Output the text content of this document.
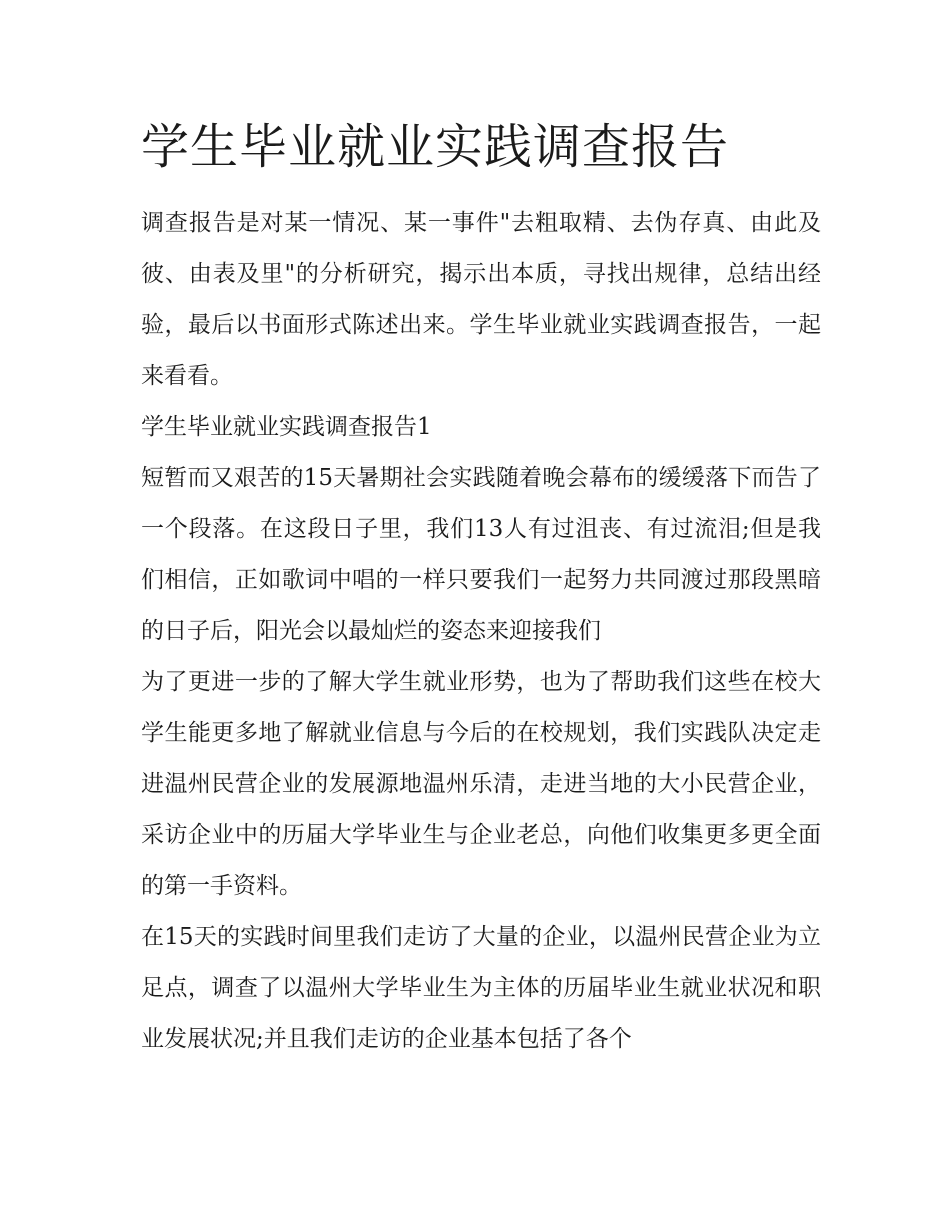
学生毕业就业实践调查报告

调查报告是对某一情况、某一事件"去粗取精、去伪存真、由此及彼、由表及里"的分析研究，揭示出本质，寻找出规律，总结出经验，最后以书面形式陈述出来。学生毕业就业实践调查报告，一起来看看。

学生毕业就业实践调查报告1

短暂而又艰苦的15天暑期社会实践随着晚会幕布的缓缓落下而告了一个段落。在这段日子里，我们13人有过沮丧、有过流泪;但是我们相信，正如歌词中唱的一样只要我们一起努力共同渡过那段黑暗的日子后，阳光会以最灿烂的姿态来迎接我们

为了更进一步的了解大学生就业形势，也为了帮助我们这些在校大学生能更多地了解就业信息与今后的在校规划，我们实践队决定走进温州民营企业的发展源地温州乐清，走进当地的大小民营企业，采访企业中的历届大学毕业生与企业老总，向他们收集更多更全面的第一手资料。

在15天的实践时间里我们走访了大量的企业，以温州民营企业为立足点，调查了以温州大学毕业生为主体的历届毕业生就业状况和职业发展状况;并且我们走访的企业基本包括了各个
